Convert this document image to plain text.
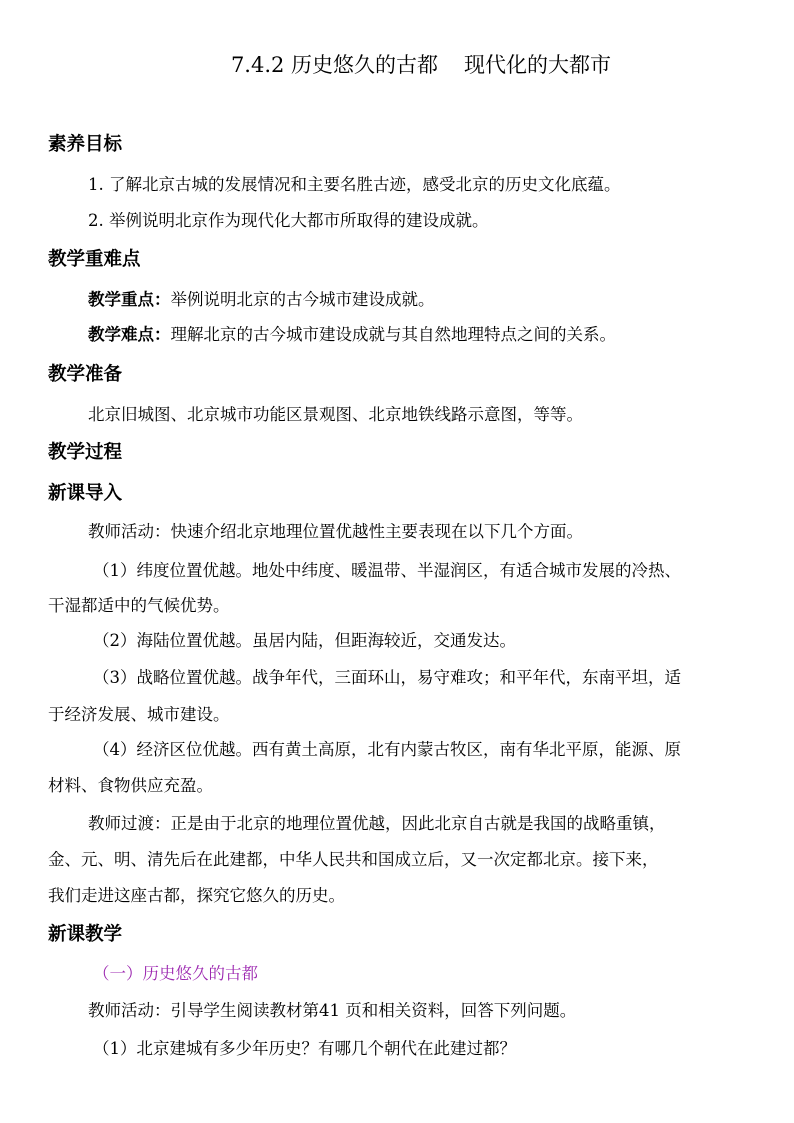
7.4.2 历史悠久的古都 现代化的大都市
素养目标
1. 了解北京古城的发展情况和主要名胜古迹，感受北京的历史文化底蕴。
2. 举例说明北京作为现代化大都市所取得的建设成就。
教学重难点
教学重点：举例说明北京的古今城市建设成就。
教学难点：理解北京的古今城市建设成就与其自然地理特点之间的关系。
教学准备
北京旧城图、北京城市功能区景观图、北京地铁线路示意图，等等。
教学过程
新课导入
教师活动：快速介绍北京地理位置优越性主要表现在以下几个方面。
（1）纬度位置优越。地处中纬度、暖温带、半湿润区，有适合城市发展的冷热、
干湿都适中的气候优势。
（2）海陆位置优越。虽居内陆，但距海较近，交通发达。
（3）战略位置优越。战争年代，三面环山，易守难攻；和平年代，东南平坦，适
于经济发展、城市建设。
（4）经济区位优越。西有黄土高原，北有内蒙古牧区，南有华北平原，能源、原
材料、食物供应充盈。
教师过渡：正是由于北京的地理位置优越，因此北京自古就是我国的战略重镇，
金、元、明、清先后在此建都，中华人民共和国成立后，又一次定都北京。接下来，
我们走进这座古都，探究它悠久的历史。
新课教学
（一）历史悠久的古都
教师活动：引导学生阅读教材第41 页和相关资料，回答下列问题。
（1）北京建城有多少年历史？有哪几个朝代在此建过都？
